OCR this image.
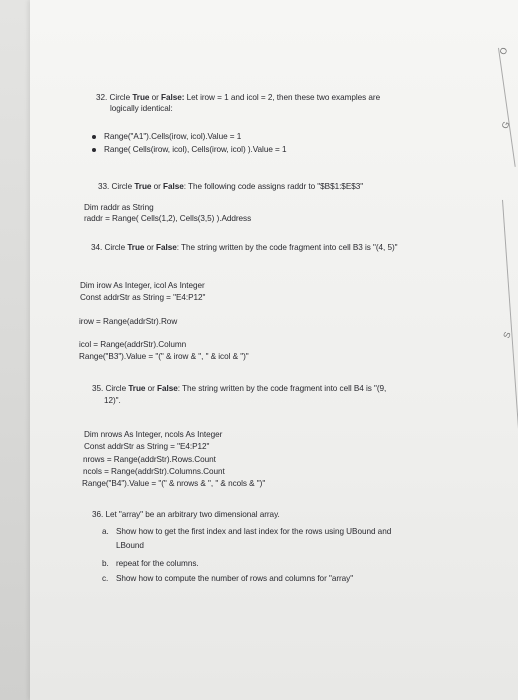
O
G
S
32. Circle True or False: Let irow = 1 and icol = 2, then these two examples are
logically identical:
Range("A1").Cells(irow, icol).Value = 1
Range( Cells(irow, icol), Cells(irow, icol) ).Value = 1
33. Circle True or False: The following code assigns raddr to "$B$1:$E$3"
Dim raddr as String
raddr = Range( Cells(1,2), Cells(3,5) ).Address
34. Circle True or False: The string written by the code fragment into cell B3 is "(4, 5)"
Dim irow As Integer, icol As Integer
Const addrStr as String = "E4:P12"
irow = Range(addrStr).Row
icol = Range(addrStr).Column
Range("B3").Value = "(" & irow & ", " & icol & ")"
35. Circle True or False: The string written by the code fragment into cell B4 is "(9,
12)".
Dim nrows As Integer, ncols As Integer
Const addrStr as String = "E4:P12"
nrows = Range(addrStr).Rows.Count
ncols = Range(addrStr).Columns.Count
Range("B4").Value = "(" & nrows & ", " & ncols & ")"
36. Let "array" be an arbitrary two dimensional array.
a. Show how to get the first index and last index for the rows using UBound and
LBound
b. repeat for the columns.
c. Show how to compute the number of rows and columns for "array"
